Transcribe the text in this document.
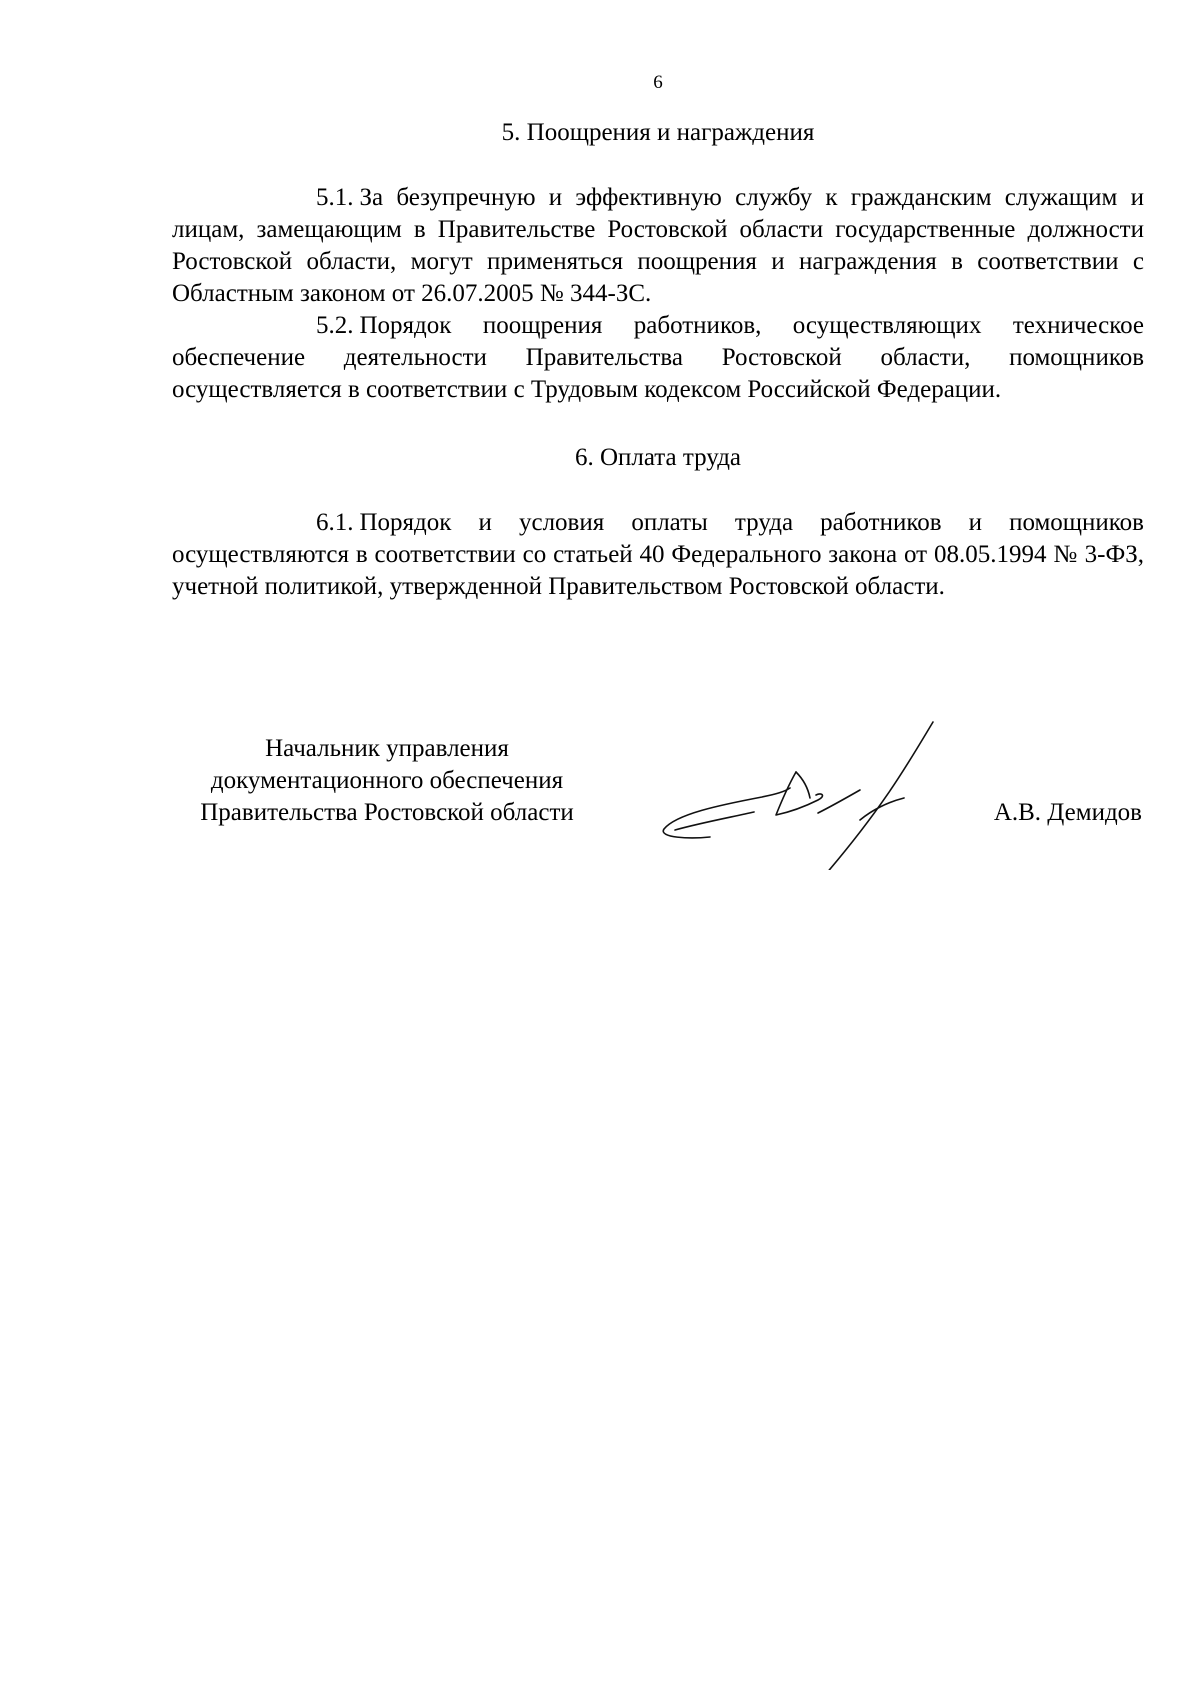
6
5. Поощрения и награждения

5.1. За безупречную и эффективную службу к гражданским служащим и лицам, замещающим в Правительстве Ростовской области государственные должности Ростовской области, могут применяться поощрения и награждения в соответствии с Областным законом от 26.07.2005 № 344-ЗС.

5.2. Порядок поощрения работников, осуществляющих техническое обеспечение деятельности Правительства Ростовской области, помощников осуществляется в соответствии с Трудовым кодексом Российской Федерации.

6. Оплата труда

6.1. Порядок и условия оплаты труда работников и помощников осуществляются в соответствии со статьей 40 Федерального закона от 08.05.1994 № 3-ФЗ, учетной политикой, утвержденной Правительством Ростовской области.

Начальник управления
документационного обеспечения
Правительства Ростовской области	А.В. Демидов
